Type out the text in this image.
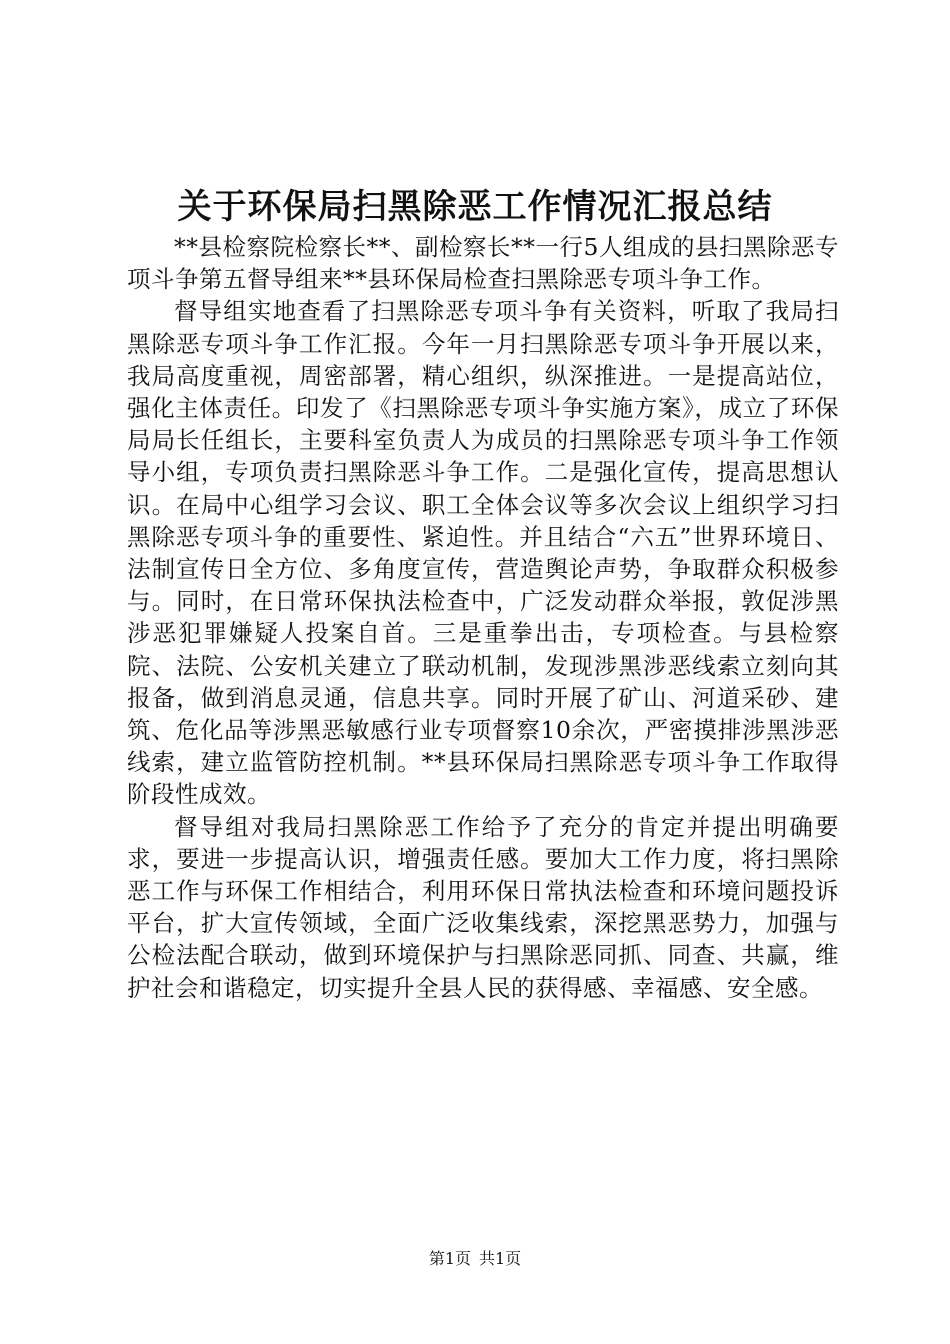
关于环保局扫黑除恶工作情况汇报总结

**县检察院检察长**、副检察长**一行5人组成的县扫黑除恶专项斗争第五督导组来**县环保局检查扫黑除恶专项斗争工作。

督导组实地查看了扫黑除恶专项斗争有关资料，听取了我局扫黑除恶专项斗争工作汇报。今年一月扫黑除恶专项斗争开展以来，我局高度重视，周密部署，精心组织，纵深推进。一是提高站位，强化主体责任。印发了《扫黑除恶专项斗争实施方案》，成立了环保局局长任组长，主要科室负责人为成员的扫黑除恶专项斗争工作领导小组，专项负责扫黑除恶斗争工作。二是强化宣传，提高思想认识。在局中心组学习会议、职工全体会议等多次会议上组织学习扫黑除恶专项斗争的重要性、紧迫性。并且结合“六五”世界环境日、法制宣传日全方位、多角度宣传，营造舆论声势，争取群众积极参与。同时，在日常环保执法检查中，广泛发动群众举报，敦促涉黑涉恶犯罪嫌疑人投案自首。三是重拳出击，专项检查。与县检察院、法院、公安机关建立了联动机制，发现涉黑涉恶线索立刻向其报备，做到消息灵通，信息共享。同时开展了矿山、河道采砂、建筑、危化品等涉黑恶敏感行业专项督察10余次，严密摸排涉黑涉恶线索，建立监管防控机制。**县环保局扫黑除恶专项斗争工作取得阶段性成效。

督导组对我局扫黑除恶工作给予了充分的肯定并提出明确要求，要进一步提高认识，增强责任感。要加大工作力度，将扫黑除恶工作与环保工作相结合，利用环保日常执法检查和环境问题投诉平台，扩大宣传领域，全面广泛收集线索，深挖黑恶势力，加强与公检法配合联动，做到环境保护与扫黑除恶同抓、同查、共赢，维护社会和谐稳定，切实提升全县人民的获得感、幸福感、安全感。

第1页 共1页
